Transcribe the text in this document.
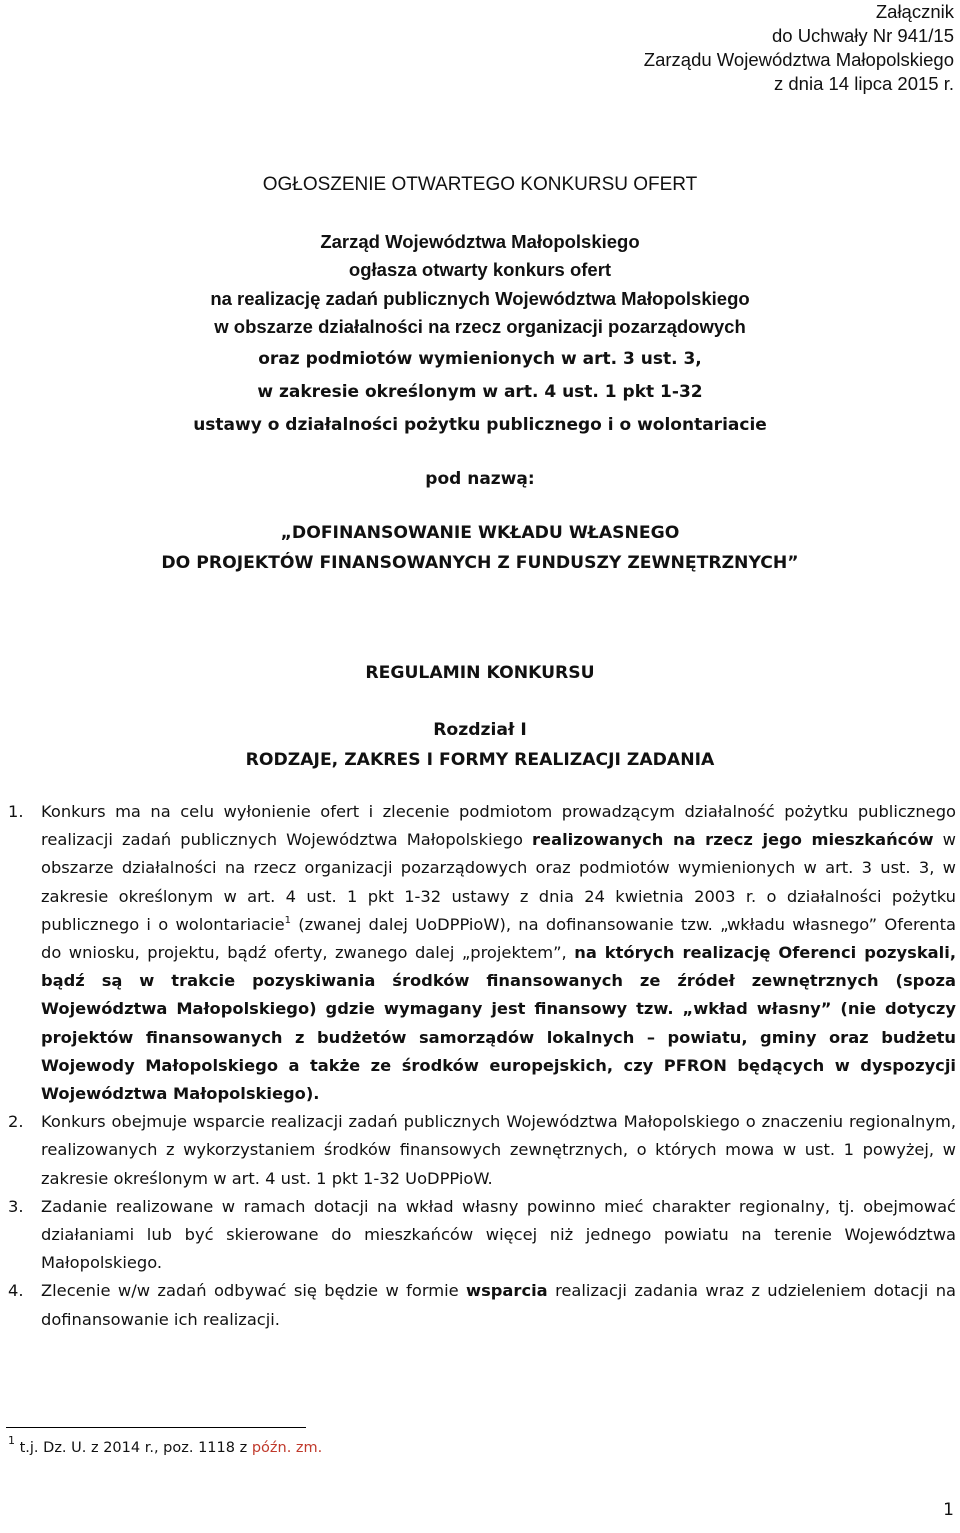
Załącznik
do Uchwały Nr 941/15
Zarządu Województwa Małopolskiego
z dnia 14 lipca 2015 r.
OGŁOSZENIE OTWARTEGO KONKURSU OFERT
Zarząd Województwa Małopolskiego
ogłasza otwarty konkurs ofert
na realizację zadań publicznych Województwa Małopolskiego
w obszarze działalności na rzecz organizacji pozarządowych
oraz podmiotów wymienionych w art. 3 ust. 3,
w zakresie określonym w art. 4 ust. 1 pkt 1-32
ustawy o działalności pożytku publicznego i o wolontariacie
pod nazwą:
„DOFINANSOWANIE WKŁADU WŁASNEGO
DO PROJEKTÓW FINANSOWANYCH Z FUNDUSZY ZEWNĘTRZNYCH”
REGULAMIN KONKURSU
Rozdział I
RODZAJE, ZAKRES I FORMY REALIZACJI ZADANIA
1. Konkurs ma na celu wyłonienie ofert i zlecenie podmiotom prowadzącym działalność pożytku publicznego realizacji zadań publicznych Województwa Małopolskiego realizowanych na rzecz jego mieszkańców w obszarze działalności na rzecz organizacji pozarządowych oraz podmiotów wymienionych w art. 3 ust. 3, w zakresie określonym w art. 4 ust. 1 pkt 1-32 ustawy z dnia 24 kwietnia 2003 r. o działalności pożytku publicznego i o wolontariacie$^1$ (zwanej dalej UoDPPioW), na dofinansowanie tzw. „wkładu własnego” Oferenta do wniosku, projektu, bądź oferty, zwanego dalej „projektem”, na których realizację Oferenci pozyskali, bądź są w trakcie pozyskiwania środków finansowanych ze źródeł zewnętrznych (spoza Województwa Małopolskiego) gdzie wymagany jest finansowy tzw. „wkład własny” (nie dotyczy projektów finansowanych z budżetów samorządów lokalnych – powiatu, gminy oraz budżetu Wojewody Małopolskiego a także ze środków europejskich, czy PFRON będących w dyspozycji Województwa Małopolskiego).
2. Konkurs obejmuje wsparcie realizacji zadań publicznych Województwa Małopolskiego o znaczeniu regionalnym, realizowanych z wykorzystaniem środków finansowych zewnętrznych, o których mowa w ust. 1 powyżej, w zakresie określonym w art. 4 ust. 1 pkt 1-32 UoDPPioW.
3. Zadanie realizowane w ramach dotacji na wkład własny powinno mieć charakter regionalny, tj. obejmować działaniami lub być skierowane do mieszkańców więcej niż jednego powiatu na terenie Województwa Małopolskiego.
4. Zlecenie w/w zadań odbywać się będzie w formie wsparcia realizacji zadania wraz z udzieleniem dotacji na dofinansowanie ich realizacji.
$^1$ t.j. Dz. U. z 2014 r., poz. 1118 z późn. zm.
1
